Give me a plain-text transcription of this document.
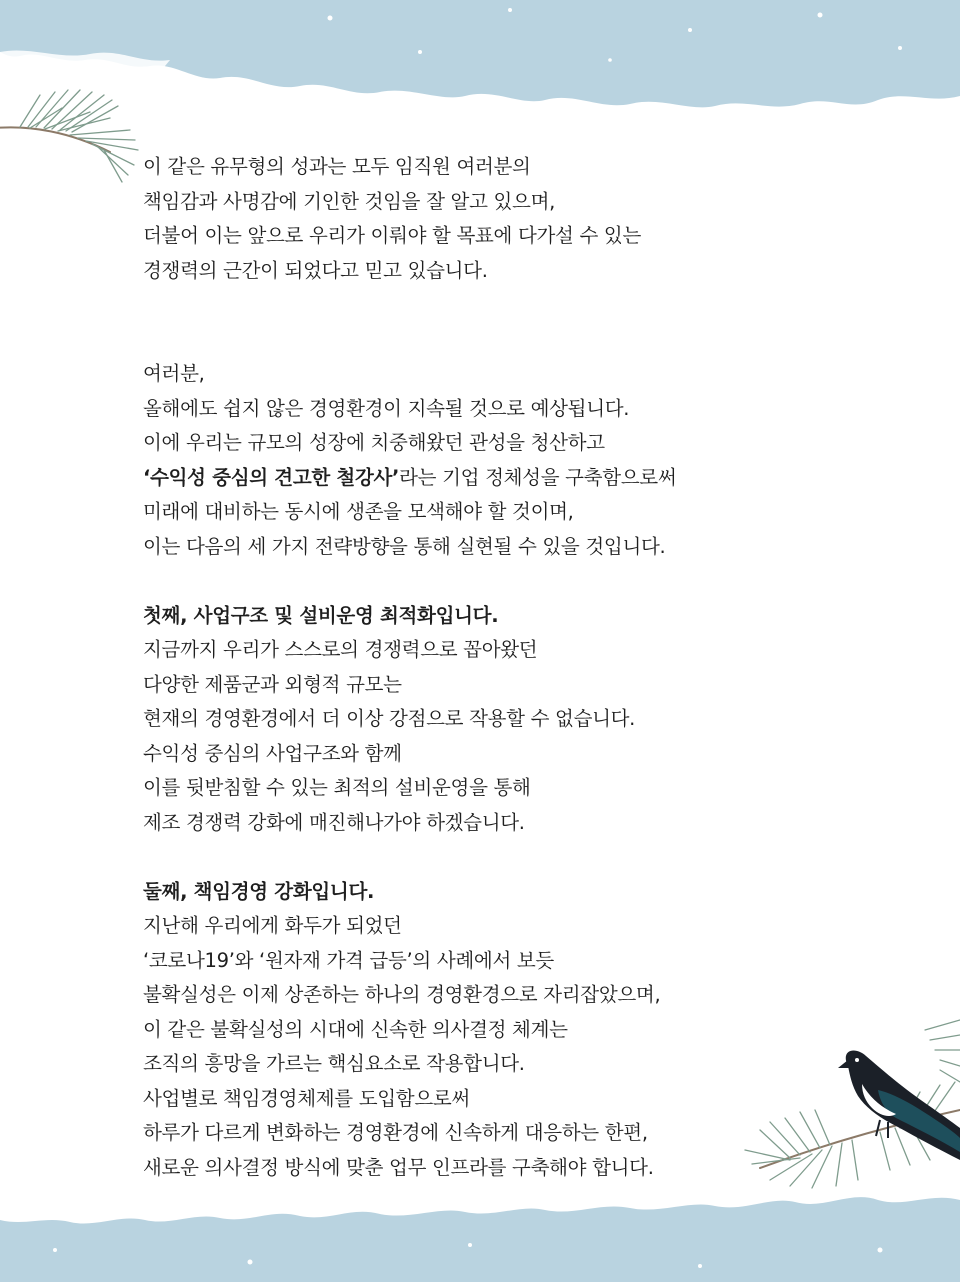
이 같은 유무형의 성과는 모두 임직원 여러분의
책임감과 사명감에 기인한 것임을 잘 알고 있으며,
더불어 이는 앞으로 우리가 이뤄야 할 목표에 다가설 수 있는
경쟁력의 근간이 되었다고 믿고 있습니다.

여러분,
올해에도 쉽지 않은 경영환경이 지속될 것으로 예상됩니다.
이에 우리는 규모의 성장에 치중해왔던 관성을 청산하고
‘수익성 중심의 견고한 철강사’라는 기업 정체성을 구축함으로써
미래에 대비하는 동시에 생존을 모색해야 할 것이며,
이는 다음의 세 가지 전략방향을 통해 실현될 수 있을 것입니다.

첫째, 사업구조 및 설비운영 최적화입니다.
지금까지 우리가 스스로의 경쟁력으로 꼽아왔던
다양한 제품군과 외형적 규모는
현재의 경영환경에서 더 이상 강점으로 작용할 수 없습니다.
수익성 중심의 사업구조와 함께
이를 뒷받침할 수 있는 최적의 설비운영을 통해
제조 경쟁력 강화에 매진해나가야 하겠습니다.

둘째, 책임경영 강화입니다.
지난해 우리에게 화두가 되었던
‘코로나19’와 ‘원자재 가격 급등’의 사례에서 보듯
불확실성은 이제 상존하는 하나의 경영환경으로 자리잡았으며,
이 같은 불확실성의 시대에 신속한 의사결정 체계는
조직의 흥망을 가르는 핵심요소로 작용합니다.
사업별로 책임경영체제를 도입함으로써
하루가 다르게 변화하는 경영환경에 신속하게 대응하는 한편,
새로운 의사결정 방식에 맞춘 업무 인프라를 구축해야 합니다.
